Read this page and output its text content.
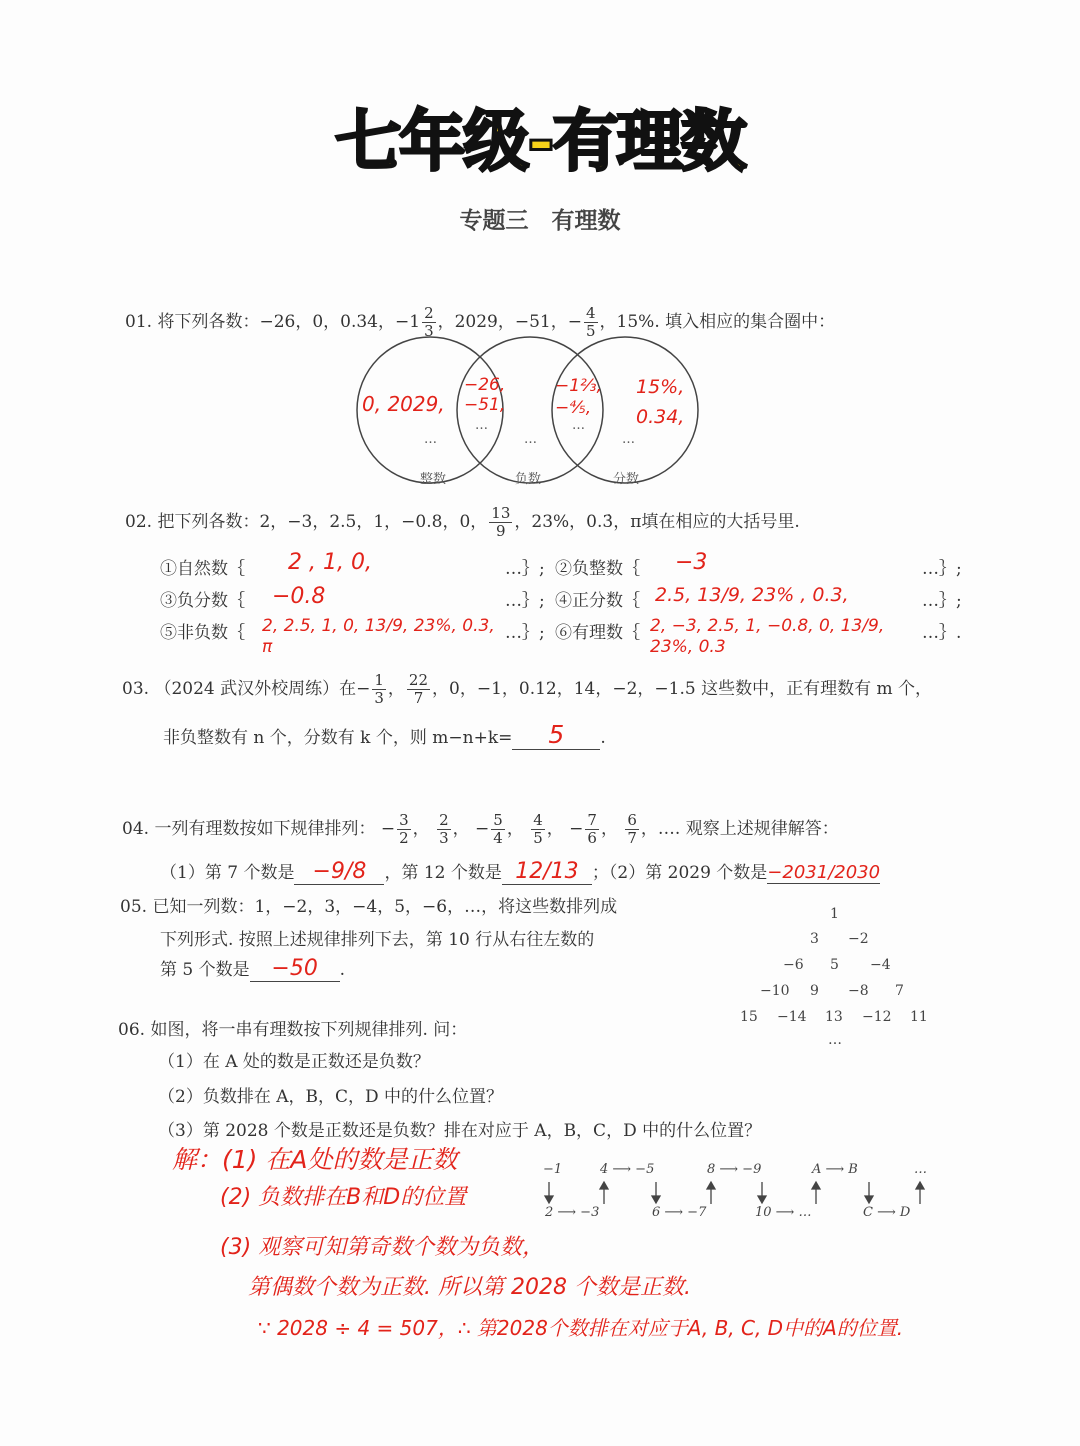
七年级-有理数
专题三　有理数
01. 将下列各数：−26，0，0.34，$-1 \frac{2}{3}$ ，2029，−51，− $\frac{4}{5}$ ，15%. 填入相应的集合圈中：
整数	负数	分数
…
…
…
…
…
0, 2029,
−26,
−51,
−1⅔,
−⅘,
15%,
0.34,
02. 把下列各数：2，−3，2.5，1，−0.8，0， $\frac{13}{9}$ ，23%，0.3̇，π填在相应的大括号里.
①自然数｛ 2 , 1, 0,	…｝; ②负整数｛ −3	…｝;
③负分数｛ −0.8	…｝; ④正分数｛ 2.5, 13/9, 23% , 0.3,	…｝;
⑤非负数｛ 2, 2.5, 1, 0, 13/9, 23%, 0.3, π
…｝; ⑥有理数｛ 2, −3, 2.5, 1, −0.8, 0, 13/9, 23%, 0.3
…｝.
03. （2024 武汉外校周练）在− $\frac{1}{3}$ ， $\frac{22}{7}$ ，0，−1，0.12，14，−2，−1.5 这些数中，正有理数有 m 个，
非负整数有 n 个，分数有 k 个，则 m−n+k= 5 .
04. 一列有理数按如下规律排列： − $\frac{3}{2}$ ， $\frac{2}{3}$ ， − $\frac{5}{4}$ ， $\frac{4}{5}$ ， − $\frac{7}{6}$ ， $\frac{6}{7}$ ，…. 观察上述规律解答：
（1）第 7 个数是 −9/8 ，第 12 个数是 12/13 ；（2）第 2029 个数是−2031/2030
05. 已知一列数：1，−2，3，−4，5，−6，…，将这些数排列成
下列形式. 按照上述规律排列下去，第 10 行从右往左数的
第 5 个数是 −50 .
1
3 −2
−6 5 −4
−10 9 −8 7
15 −14 13 −12 11
…
06. 如图，将一串有理数按下列规律排列. 问：
（1）在 A 处的数是正数还是负数？
（2）负数排在 A，B，C，D 中的什么位置？
（3）第 2028 个数是正数还是负数？排在对应于 A，B，C，D 中的什么位置？
−1	4 ⟶ −5	8 ⟶ −9	A ⟶ B	…
2 ⟶ −3	6 ⟶ −7	10 ⟶ …	C ⟶ D
解：(1) 在A处的数是正数
(2) 负数排在B和D的位置
(3) 观察可知第奇数个数为负数，
第偶数个数为正数. 所以第 2028 个数是正数.
∵ 2028 ÷ 4 = 507，∴ 第2028个数排在对应于A, B, C, D中的A的位置.
